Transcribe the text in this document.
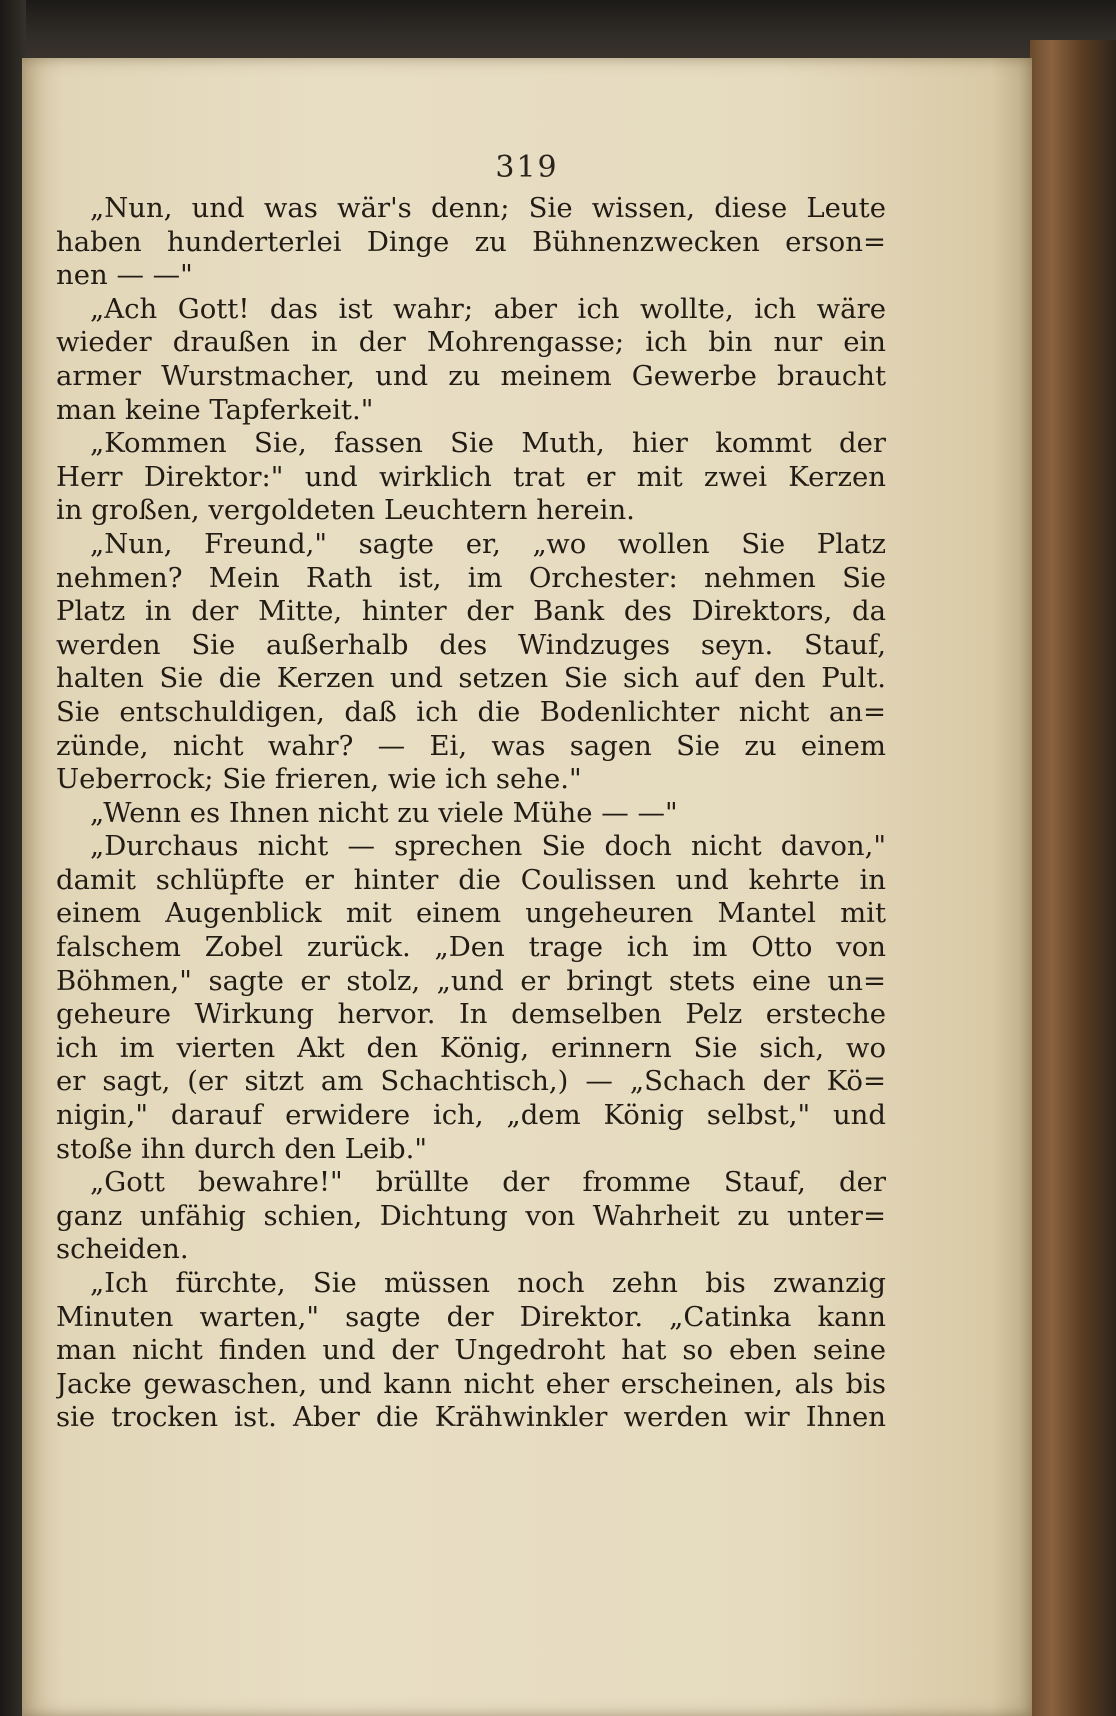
319
„Nun, und was wär's denn; Sie wissen, diese Leute
haben hunderterlei Dinge zu Bühnenzwecken erson=
nen — —"
„Ach Gott! das ist wahr; aber ich wollte, ich wäre
wieder draußen in der Mohrengasse; ich bin nur ein
armer Wurstmacher, und zu meinem Gewerbe braucht
man keine Tapferkeit."
„Kommen Sie, fassen Sie Muth, hier kommt der
Herr Direktor:" und wirklich trat er mit zwei Kerzen
in großen, vergoldeten Leuchtern herein.
„Nun, Freund," sagte er, „wo wollen Sie Platz
nehmen? Mein Rath ist, im Orchester: nehmen Sie
Platz in der Mitte, hinter der Bank des Direktors, da
werden Sie außerhalb des Windzuges seyn. Stauf,
halten Sie die Kerzen und setzen Sie sich auf den Pult.
Sie entschuldigen, daß ich die Bodenlichter nicht an=
zünde, nicht wahr? — Ei, was sagen Sie zu einem
Ueberrock; Sie frieren, wie ich sehe."
„Wenn es Ihnen nicht zu viele Mühe — —"
„Durchaus nicht — sprechen Sie doch nicht davon,"
damit schlüpfte er hinter die Coulissen und kehrte in
einem Augenblick mit einem ungeheuren Mantel mit
falschem Zobel zurück. „Den trage ich im Otto von
Böhmen," sagte er stolz, „und er bringt stets eine un=
geheure Wirkung hervor. In demselben Pelz ersteche
ich im vierten Akt den König, erinnern Sie sich, wo
er sagt, (er sitzt am Schachtisch,) — „Schach der Kö=
nigin," darauf erwidere ich, „dem König selbst," und
stoße ihn durch den Leib."
„Gott bewahre!" brüllte der fromme Stauf, der
ganz unfähig schien, Dichtung von Wahrheit zu unter=
scheiden.
„Ich fürchte, Sie müssen noch zehn bis zwanzig
Minuten warten," sagte der Direktor. „Catinka kann
man nicht finden und der Ungedroht hat so eben seine
Jacke gewaschen, und kann nicht eher erscheinen, als bis
sie trocken ist. Aber die Krähwinkler werden wir Ihnen
